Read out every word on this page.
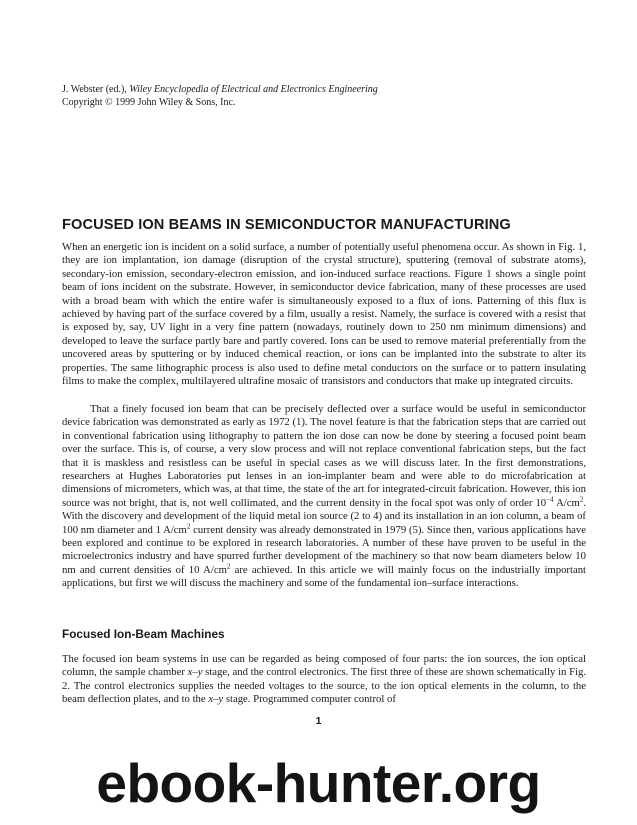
J. Webster (ed.), Wiley Encyclopedia of Electrical and Electronics Engineering
Copyright © 1999 John Wiley & Sons, Inc.
FOCUSED ION BEAMS IN SEMICONDUCTOR MANUFACTURING

When an energetic ion is incident on a solid surface, a number of potentially useful phenomena occur. As shown in Fig. 1, they are ion implantation, ion damage (disruption of the crystal structure), sputtering (removal of substrate atoms), secondary-ion emission, secondary-electron emission, and ion-induced surface reactions. Figure 1 shows a single point beam of ions incident on the substrate. However, in semiconductor device fabrication, many of these processes are used with a broad beam with which the entire wafer is simultaneously exposed to a flux of ions. Patterning of this flux is achieved by having part of the surface covered by a film, usually a resist. Namely, the surface is covered with a resist that is exposed by, say, UV light in a very fine pattern (nowadays, routinely down to 250 nm minimum dimensions) and developed to leave the surface partly bare and partly covered. Ions can be used to remove material preferentially from the uncovered areas by sputtering or by induced chemical reaction, or ions can be implanted into the substrate to alter its properties. The same lithographic process is also used to define metal conductors on the surface or to pattern insulating films to make the complex, multilayered ultrafine mosaic of transistors and conductors that make up integrated circuits.

That a finely focused ion beam that can be precisely deflected over a surface would be useful in semiconductor device fabrication was demonstrated as early as 1972 (1). The novel feature is that the fabrication steps that are carried out in conventional fabrication using lithography to pattern the ion dose can now be done by steering a focused point beam over the surface. This is, of course, a very slow process and will not replace conventional fabrication steps, but the fact that it is maskless and resistless can be useful in special cases as we will discuss later. In the first demonstrations, researchers at Hughes Laboratories put lenses in an ion-implanter beam and were able to do microfabrication at dimensions of micrometers, which was, at that time, the state of the art for integrated-circuit fabrication. However, this ion source was not bright, that is, not well collimated, and the current density in the focal spot was only of order $10^{-4}$ $A/cm^2$. With the discovery and development of the liquid metal ion source (2 to 4) and its installation in an ion column, a beam of 100 nm diameter and 1 $A/cm^2$ current density was already demonstrated in 1979 (5). Since then, various applications have been explored and continue to be explored in research laboratories. A number of these have proven to be useful in the microelectronics industry and have spurred further development of the machinery so that now beam diameters below 10 nm and current densities of 10 $A/cm^2$ are achieved. In this article we will mainly focus on the industrially important applications, but first we will discuss the machinery and some of the fundamental ion–surface interactions.

Focused Ion-Beam Machines

The focused ion beam systems in use can be regarded as being composed of four parts: the ion sources, the ion optical column, the sample chamber x–y stage, and the control electronics. The first three of these are shown schematically in Fig. 2. The control electronics supplies the needed voltages to the source, to the ion optical elements in the column, to the beam deflection plates, and to the x–y stage. Programmed computer control of

1
ebook-hunter.org
